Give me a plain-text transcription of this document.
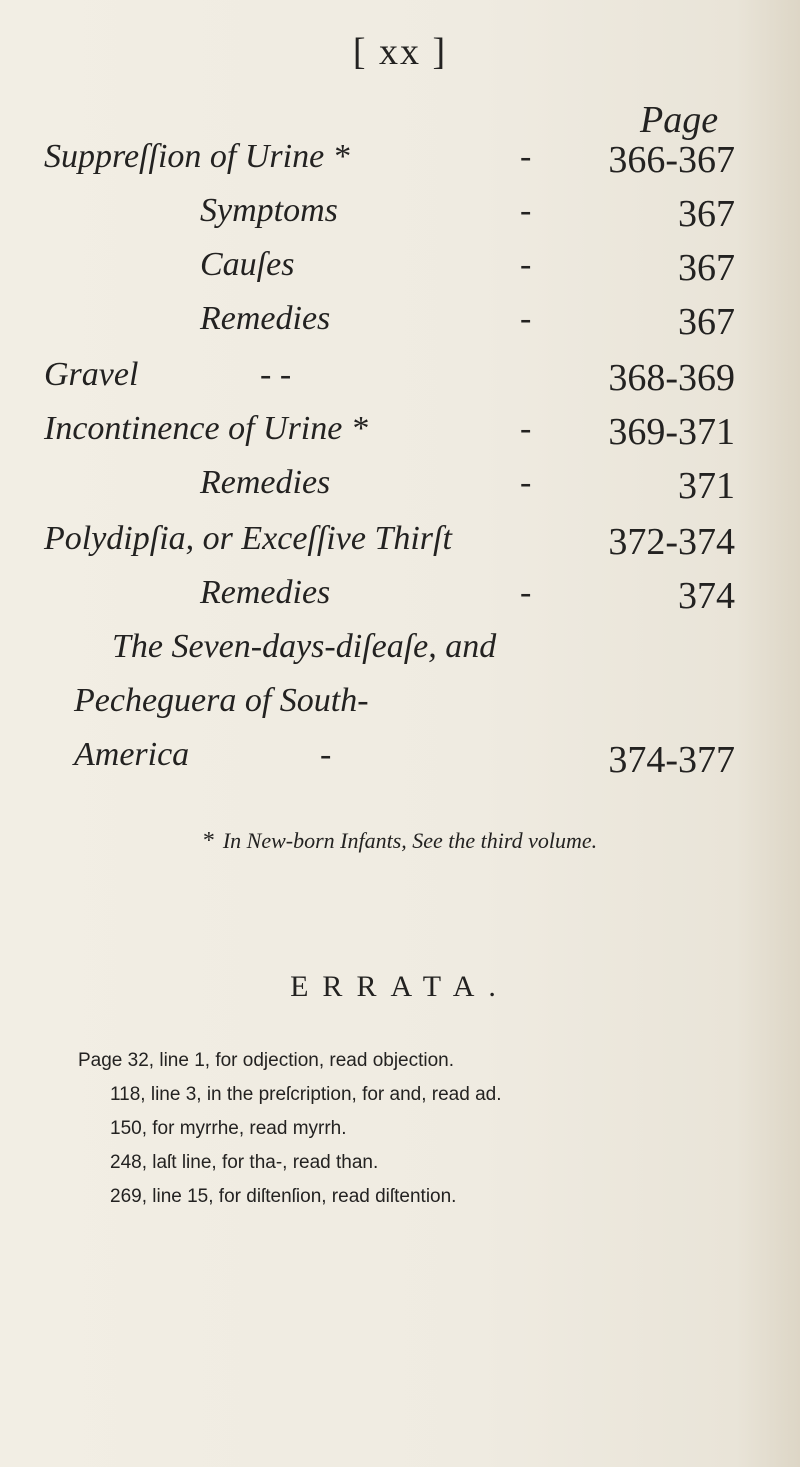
[ xx ]
Page
Suppreſſion of Urine *	-	366-367
Symptoms	-	367
Cauſes	-	367
Remedies	-	367
Gravel	- -	368-369
Incontinence of Urine *	-	369-371
Remedies	-	371
Polydipſia, or Exceſſive Thirſt	372-374
Remedies	-	374
The Seven-days-diſeaſe, and
Pecheguera of South-
America	-	374-377
* In New-born Infants, See the third volume.
ERRATA.
Page 32, line 1, for odjection, read objection.
118, line 3, in the preſcription, for and, read ad.
150, for myrrhe, read myrrh.
248, laſt line, for tha-, read than.
269, line 15, for diſtenſion, read diſtention.
